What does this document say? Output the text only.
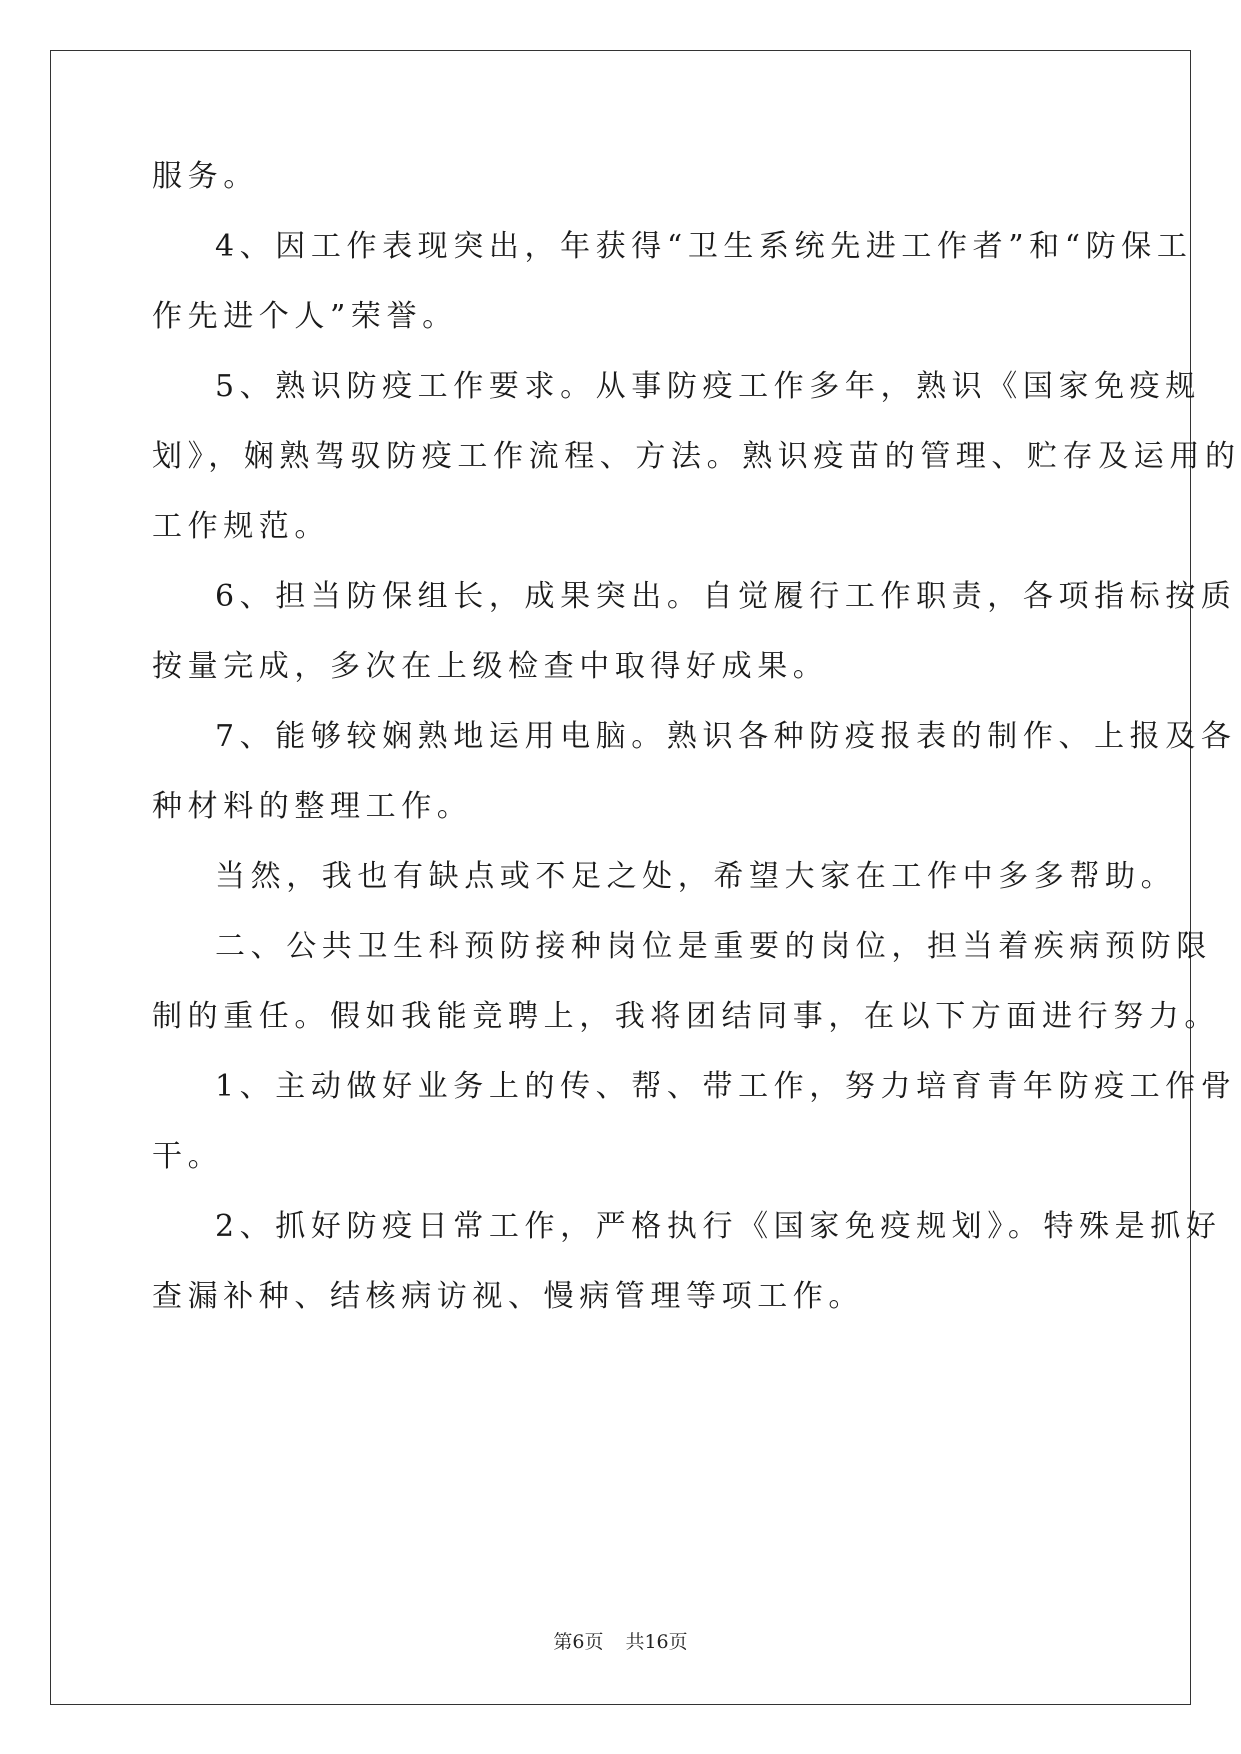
服务。
4、因工作表现突出，年获得“卫生系统先进工作者”和“防保工
作先进个人”荣誉。
5、熟识防疫工作要求。从事防疫工作多年，熟识《国家免疫规
划》，娴熟驾驭防疫工作流程、方法。熟识疫苗的管理、贮存及运用的
工作规范。
6、担当防保组长，成果突出。自觉履行工作职责，各项指标按质
按量完成，多次在上级检查中取得好成果。
7、能够较娴熟地运用电脑。熟识各种防疫报表的制作、上报及各
种材料的整理工作。
当然，我也有缺点或不足之处，希望大家在工作中多多帮助。
二、公共卫生科预防接种岗位是重要的岗位，担当着疾病预防限
制的重任。假如我能竞聘上，我将团结同事，在以下方面进行努力。
1、主动做好业务上的传、帮、带工作，努力培育青年防疫工作骨
干。
2、抓好防疫日常工作，严格执行《国家免疫规划》。特殊是抓好
查漏补种、结核病访视、慢病管理等项工作。
第6页 共16页
